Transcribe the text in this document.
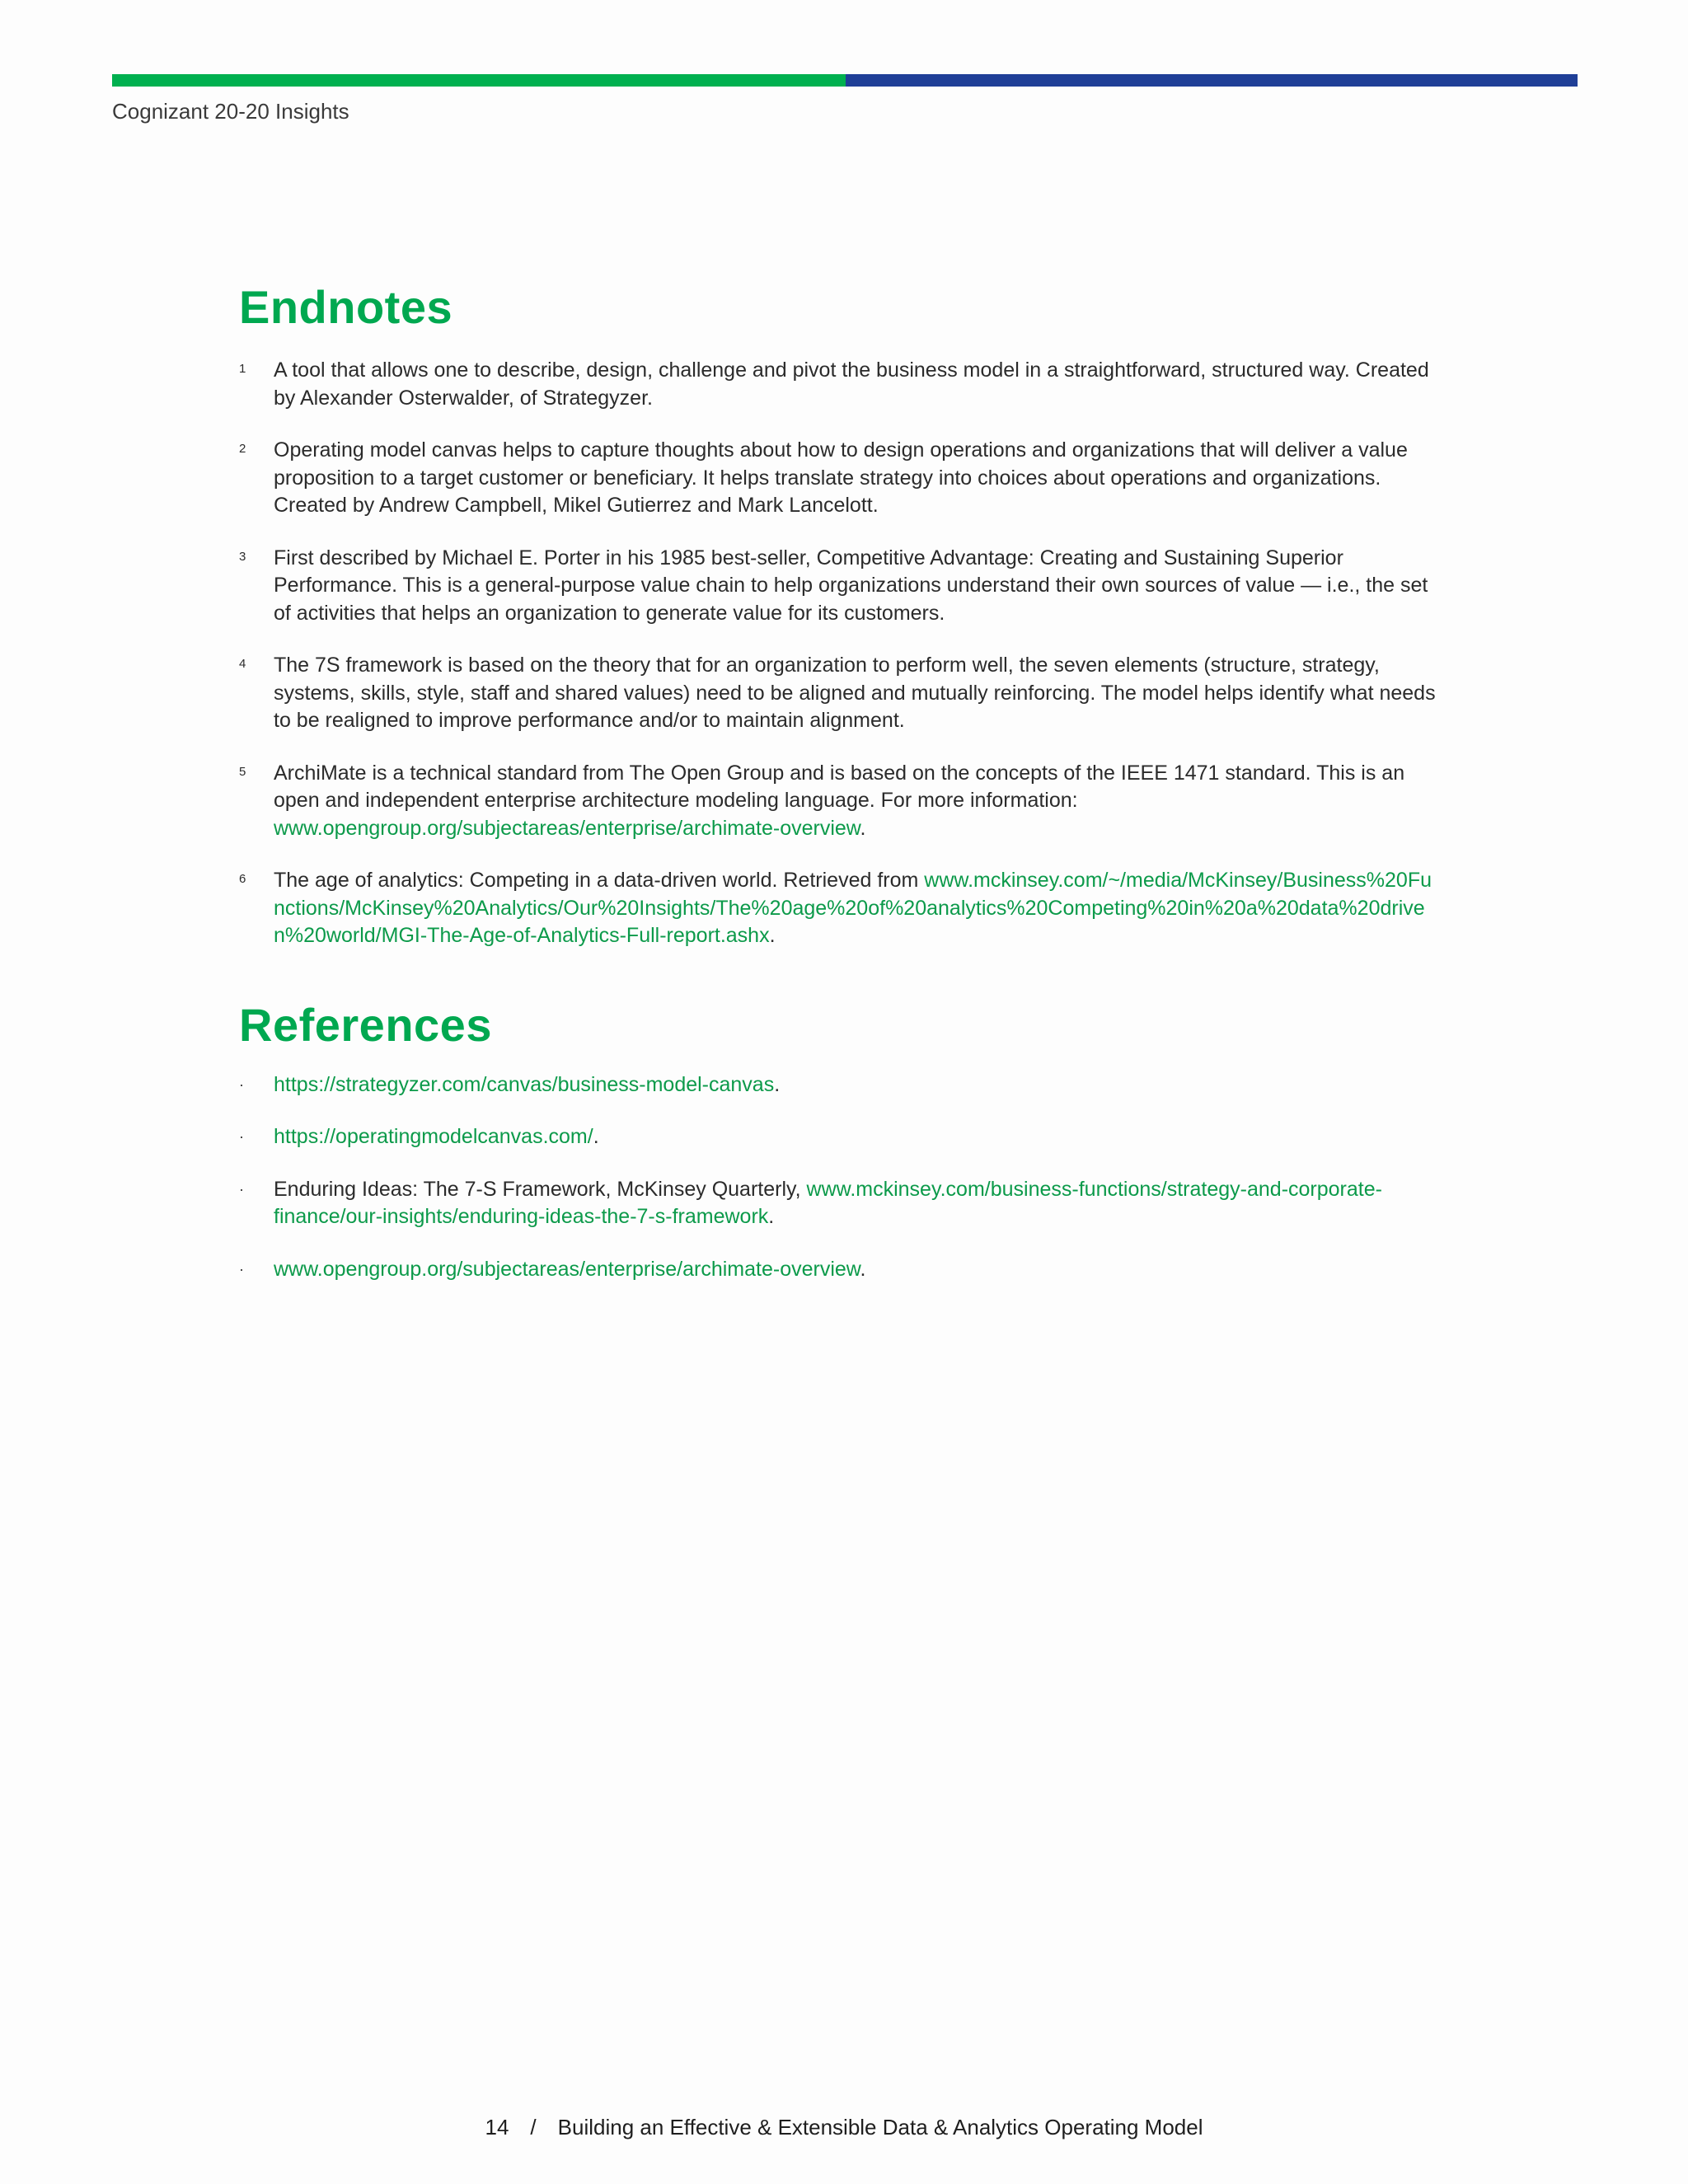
Cognizant 20-20 Insights
Endnotes
1 A tool that allows one to describe, design, challenge and pivot the business model in a straightforward, structured way. Created by Alexander Osterwalder, of Strategyzer.
2 Operating model canvas helps to capture thoughts about how to design operations and organizations that will deliver a value proposition to a target customer or beneficiary. It helps translate strategy into choices about operations and organizations. Created by Andrew Campbell, Mikel Gutierrez and Mark Lancelott.
3 First described by Michael E. Porter in his 1985 best-seller, Competitive Advantage: Creating and Sustaining Superior Performance. This is a general-purpose value chain to help organizations understand their own sources of value — i.e., the set of activities that helps an organization to generate value for its customers.
4 The 7S framework is based on the theory that for an organization to perform well, the seven elements (structure, strategy, systems, skills, style, staff and shared values) need to be aligned and mutually reinforcing. The model helps identify what needs to be realigned to improve performance and/or to maintain alignment.
5 ArchiMate is a technical standard from The Open Group and is based on the concepts of the IEEE 1471 standard. This is an open and independent enterprise architecture modeling language. For more information: www.opengroup.org/subjectareas/enterprise/archimate-overview.
6 The age of analytics: Competing in a data-driven world. Retrieved from www.mckinsey.com/~/media/McKinsey/Business%20Functions/McKinsey%20Analytics/Our%20Insights/The%20age%20of%20analytics%20Competing%20in%20a%20data%20driven%20world/MGI-The-Age-of-Analytics-Full-report.ashx.
References
· https://strategyzer.com/canvas/business-model-canvas.
· https://operatingmodelcanvas.com/.
· Enduring Ideas: The 7-S Framework, McKinsey Quarterly, www.mckinsey.com/business-functions/strategy-and-corporate-finance/our-insights/enduring-ideas-the-7-s-framework.
· www.opengroup.org/subjectareas/enterprise/archimate-overview.
14 / Building an Effective & Extensible Data & Analytics Operating Model
